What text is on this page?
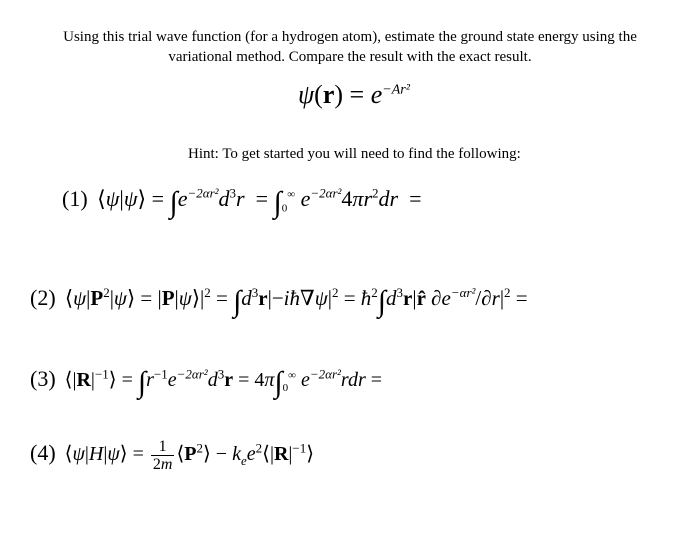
Using this trial wave function (for a hydrogen atom), estimate the ground state energy using the
variational method. Compare the result with the exact result.
$\psi(r) = e^{-Ar^2}$
Hint: To get started you will need to find the following:
(1)  ⟨ψ|ψ⟩ = $\int e^{-2\alpha r^2}d^3r = \int_0^\infty$ $e^{-2\alpha r^2}4\pi r^2dr$  =
(2)  $⟨\psi|P^2|\psi⟩$ = $|P|\psi⟩|^2$ = $\int d^3r|-iħ\nabla\psi|^2$ = $ħ^2\int d^3r|r̂$ $\partial e^{-\alpha r^2}/\partial r|^2$ =
(3)  $⟨|R|^{-1}⟩ = \int r^{-1}e^{-2\alpha r^2}d^3r = 4\pi\int_0^\infty$ $e^{-2\alpha r^2}rdr$ =
(4)  ⟨ψ|H|ψ⟩ = $\frac{1}{2m}$ $⟨P^2⟩$ − $k_ee^2⟨|R|^{-1}⟩$
